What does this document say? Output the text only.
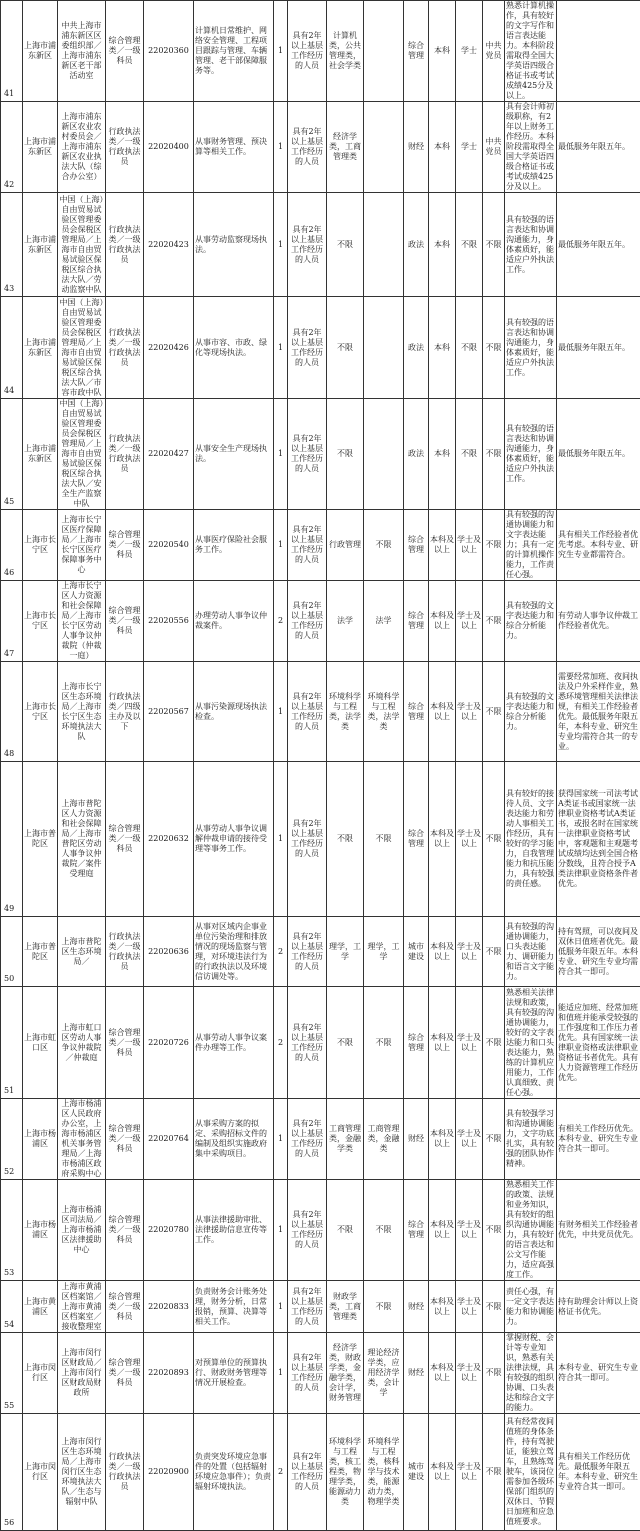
41	上海市浦东新区	中共上海市浦东新区区委组织部／上海市浦东新区老干部活动室	综合管理类／一级科员	22020360	计算机日常维护、网络安全管理、工程项目跟踪与管理、车辆管理、老干部保障服务等。	1	具有2年以上基层工作经历的人员	计算机类，公共管理类，社会学类		综合管理	本科	学士	中共党员	熟悉计算机操作，具有较好的文字写作和语言表达能力。本科阶段需取得全国大学英语四级合格证书或考试成绩425分及以上。	
42	上海市浦东新区	上海市浦东新区农业农村委员会／上海市浦东新区农业执法大队（综合办公室）	行政执法类／一级行政执法员	22020400	从事财务管理、预决算等相关工作。	1	具有2年以上基层工作经历的人员	经济学类，工商管理类		财经	本科	学士	中共党员	具有会计师初级职称，有2年以上财务工作经历。本科阶段需取得全国大学英语四级合格证书或考试成绩425分及以上。	最低服务年限五年。
43	上海市浦东新区	中国（上海）自由贸易试验区管理委员会保税区管理局／上海市自由贸易试验区保税区综合执法大队／劳动监察中队	行政执法类／一级行政执法员	22020423	从事劳动监察现场执法。	1	具有2年以上基层工作经历的人员	不限		政法	本科	不限	不限	具有较强的语言表达和协调沟通能力，身体素质好，能适应户外执法工作。	最低服务年限五年。
44	上海市浦东新区	中国（上海）自由贸易试验区管理委员会保税区管理局／上海市自由贸易试验区保税区综合执法大队／市容市政中队	行政执法类／一级行政执法员	22020426	从事市容、市政、绿化等现场执法。	1	具有2年以上基层工作经历的人员	不限		政法	本科	不限	不限	具有较强的语言表达和协调沟通能力，身体素质好，能适应户外执法工作。	最低服务年限五年。
45	上海市浦东新区	中国（上海）自由贸易试验区管理委员会保税区管理局／上海市自由贸易试验区保税区综合执法大队／安全生产监察中队	行政执法类／一级行政执法员	22020427	从事安全生产现场执法。	1	具有2年以上基层工作经历的人员	不限		政法	本科	不限	不限	具有较强的语言表达和协调沟通能力，身体素质好，能适应户外执法工作。	最低服务年限五年。
46	上海市长宁区	上海市长宁区医疗保障局／上海市长宁区医疗保障事务中心	综合管理类／一级科员	22020540	从事医疗保险社会服务工作。	1	具有2年以上基层工作经历的人员	行政管理	不限	综合管理	本科及以上	学士及以上	不限	具有较强的沟通协调能力和文字表达能力；具有一定的计算机操作能力，工作责任心强。	具有相关工作经验者优先考虑。本科专业、研究生专业都需符合。
47	上海市长宁区	上海市长宁区人力资源和社会保障局／上海市长宁区劳动人事争议仲裁院（仲裁一庭）	综合管理类／一级科员	22020556	办理劳动人事争议仲裁案件。	2	具有2年以上基层工作经历的人员	法学	法学	综合管理	本科及以上	学士及以上	不限	具有较强的文字表达能力和综合分析能力。	有劳动人事争议仲裁工作经验者优先。
48	上海市长宁区	上海市长宁区生态环境局／上海市长宁区生态环境执法大队	行政执法类／四级主办及以下	22020567	从事污染源现场执法检查。	1	具有2年以上基层工作经历的人员	环境科学与工程类，法学类	环境科学与工程类，法学类	综合管理	本科及以上	学士及以上	不限	具有较强的文字表达能力和综合分析能力。	需要经常加班、夜间执法及户外采样作业，熟悉环境管理相关法律法规，有相关工作经验者优先。最低服务年限五年，本科专业、研究生专业均需符合其一的专业。
49	上海市普陀区	上海市普陀区人力资源和社会保障局／上海市普陀区劳动人事争议仲裁院／案件受理庭	综合管理类／一级科员	22020632	从事劳动人事争议调解仲裁申请的接待受理等事务工作。	1	具有2年以上基层工作经历的人员	不限	不限	综合管理	本科及以上	学士及以上	不限	具有较好的接待人员、文字表达能力和劳动人事相关工作经历，具有较好的学习能力，自我管理能力和抗压能力，具有较强的责任感。	获得国家统一司法考试A类证书或国家统一法律职业资格考试A类证书，或报名时在国家统一法律职业资格考试中，客观题和主观题考试成绩均达到全国合格分数线，且符合授予A类法律职业资格条件者优先。
50	上海市普陀区	上海市普陀区生态环境局／	行政执法类／一级行政执法员	22020636	从事对区域内企事业单位污染治理和排放情况的现场监察与管理，对环境违法行为的行政执法以及环境信访调处等。	2	具有2年以上基层工作经历的人员	理学，工学	理学，工学	城市建设	本科及以上	学士及以上	不限	具有较强的沟通协调能力，口头表达能力、调研能力和语言文字能力。	持有驾照，可以夜间及双休日值班者优先。最低服务年限五年。本科专业、研究生专业均需符合其一即可。
51	上海市虹口区	上海市虹口区劳动人事争议仲裁院／仲裁庭	综合管理类／一级科员	22020726	从事劳动人事争议案件办理等工作。	2	具有2年以上基层工作经历的人员	不限	不限	综合管理	本科及以上	学士及以上	不限	熟悉相关法律法规和政策，具有较强的沟通协调能力，较好的文字表达能力和口头表达能力，熟练的计算机应用能力，工作认真细致、责任心强。	能适应加班、经常加班和值班并能承受较强的工作强度和工作压力者优先。具有国家统一法律职业资格或法律职业资格证书者优先。具有人力资源管理工作经历优先。
52	上海市杨浦区	上海市杨浦区人民政府办公室，上海市杨浦区机关事务管理局／上海市杨浦区政府采购中心	综合管理类／一级科员	22020764	从事采购方案的拟定、采购招标文件的编制及组织实施政府集中采购项目。	1	具有2年以上基层工作经历的人员	工商管理类，金融学类	工商管理类，金融类	财经	本科及以上	学士及以上	不限	具有较强学习和沟通协调能力，文字功底扎实，具有较强的团队协作精神。	有相关工作经历优先。本科专业、研究生专业符合其一即可。
53	上海市杨浦区	上海市杨浦区司法局／上海市杨浦区法律援助中心	综合管理类／一级科员	22020780	从事法律援助审批、法律援助信息宣传等工作。	1	具有2年以上基层工作经历的人员	不限	不限	综合管理	本科及以上	学士及以上	不限	熟悉相关工作的政策、法规和业务知识，具有较好的组织沟通协调能力，具有较好的语言表达和公文写作能力，适应高强度工作。	有财务相关工作经验者优先，中共党员优先。
54	上海市黄浦区	上海市黄浦区档案馆／上海市黄浦区档案室／接收整理室	综合管理类／一级科员	22020833	负责财务会计账务处理，财务分析，日常报销，预算、决算等相关工作。	1	具有2年以上基层工作经历的人员	财政学类，工商管理类	不限	财经	本科及以上	学士及以上	不限	责任心强，有一定文字表达能力和协调能力。	持有助理会计师以上资格证书优先。
55	上海市闵行区	上海市闵行区财政局／上海市闵行区财政局财政所	综合管理类／一级科员	22020893	对预算单位的预算执行、财政财务管理等情况开展检查。	1	具有2年以上基层工作经历的人员	经济学类，财政学类，金融学类，会计学，财务管理	理论经济学类，应用经济学类，会计学	财经	本科及以上	学士及以上	不限	掌握财税、会计等专业知识，熟悉有关法律法规，具有较强的组织协调、口头表达和综合文字的能力。	本科专业、研究生专业符合其一即可。
56	上海市闵行区	上海市闵行区生态环境局／上海市闵行区生态环境执法大队／生态与辐射中队	行政执法类／一级行政执法员	22020900	负责突发环境应急事件的处置（包括辐射环境应急事件）；负责辐射环境执法。	2	具有2年以上基层工作经历的人员	环境科学与工程类，核工程类，物理学类，能源动力类	环境科学与工程类，核科学与技术类，能源动力类，物理学类	城市建设	本科及以上	学士及以上	不限	具有经常夜间值班的身体条件，持有驾驶证，能独立驾车，且熟练驾驶车，该岗位需参加各级环保部门组织的双休日、节假日加班和应急值班要求。	具有相关工作经历优先。最低服务年限五年。本科专业、研究生专业符合其一即可。
